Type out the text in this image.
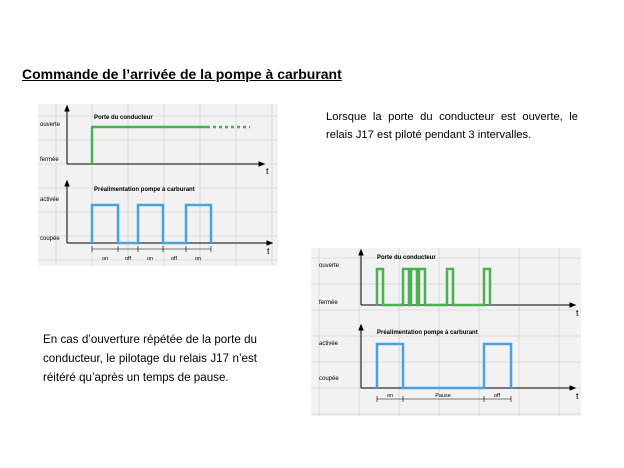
Commande de l’arrivée de la pompe à carburant
Lorsque la porte du conducteur est ouverte, le relais J17 est piloté pendant 3 intervalles.
En cas d’ouverture répétée de la porte du conducteur, le pilotage du relais J17 n’est réitéré qu’après un temps de pause.
ouverte
fermée
Porte du conducteur
t
activée
coupée
Préalimentation pompe à carburant
t
on	off	on	off	on
ouverte
fermée
Porte du conducteur
t
activée
coupée
Préalimentation pompe à carburant
t
on	Pause	off
